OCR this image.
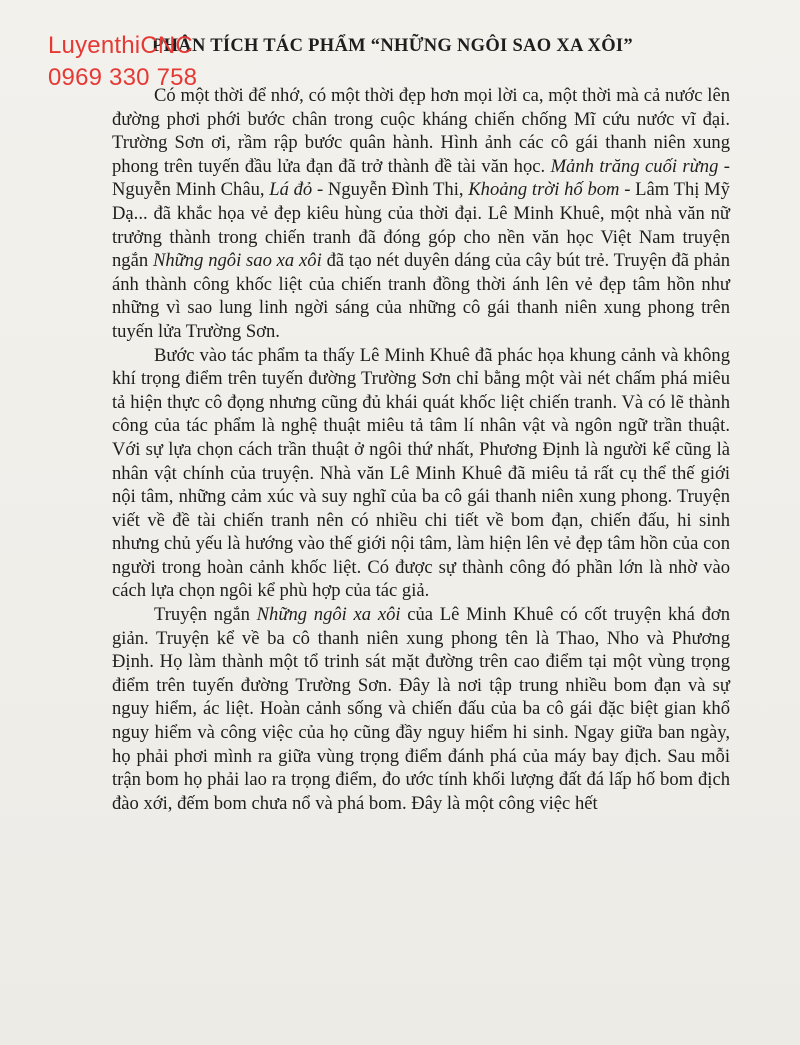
LuyenthiCNC
0969 330 758
PHÂN TÍCH TÁC PHẨM “NHỮNG NGÔI SAO XA XÔI”

Có một thời để nhớ, có một thời đẹp hơn mọi lời ca, một thời mà cả nước lên đường phơi phới bước chân trong cuộc kháng chiến chống Mĩ cứu nước vĩ đại. Trường Sơn ơi, rầm rập bước quân hành. Hình ảnh các cô gái thanh niên xung phong trên tuyến đầu lửa đạn đã trở thành đề tài văn học. Mảnh trăng cuối rừng - Nguyễn Minh Châu, Lá đỏ - Nguyễn Đình Thi, Khoảng trời hố bom - Lâm Thị Mỹ Dạ... đã khắc họa vẻ đẹp kiêu hùng của thời đại. Lê Minh Khuê, một nhà văn nữ trưởng thành trong chiến tranh đã đóng góp cho nền văn học Việt Nam truyện ngắn Những ngôi sao xa xôi đã tạo nét duyên dáng của cây bút trẻ. Truyện đã phản ánh thành công khốc liệt của chiến tranh đồng thời ánh lên vẻ đẹp tâm hồn như những vì sao lung linh ngời sáng của những cô gái thanh niên xung phong trên tuyến lửa Trường Sơn.

Bước vào tác phẩm ta thấy Lê Minh Khuê đã phác họa khung cảnh và không khí trọng điểm trên tuyến đường Trường Sơn chỉ bằng một vài nét chấm phá miêu tả hiện thực cô đọng nhưng cũng đủ khái quát khốc liệt chiến tranh. Và có lẽ thành công của tác phẩm là nghệ thuật miêu tả tâm lí nhân vật và ngôn ngữ trần thuật. Với sự lựa chọn cách trần thuật ở ngôi thứ nhất, Phương Định là người kể cũng là nhân vật chính của truyện. Nhà văn Lê Minh Khuê đã miêu tả rất cụ thể thế giới nội tâm, những cảm xúc và suy nghĩ của ba cô gái thanh niên xung phong. Truyện viết về đề tài chiến tranh nên có nhiều chi tiết về bom đạn, chiến đấu, hi sinh nhưng chủ yếu là hướng vào thế giới nội tâm, làm hiện lên vẻ đẹp tâm hồn của con người trong hoàn cảnh khốc liệt. Có được sự thành công đó phần lớn là nhờ vào cách lựa chọn ngôi kể phù hợp của tác giả.

Truyện ngắn Những ngôi xa xôi của Lê Minh Khuê có cốt truyện khá đơn giản. Truyện kể về ba cô thanh niên xung phong tên là Thao, Nho và Phương Định. Họ làm thành một tổ trinh sát mặt đường trên cao điểm tại một vùng trọng điểm trên tuyến đường Trường Sơn. Đây là nơi tập trung nhiều bom đạn và sự nguy hiểm, ác liệt. Hoàn cảnh sống và chiến đấu của ba cô gái đặc biệt gian khổ nguy hiểm và công việc của họ cũng đầy nguy hiểm hi sinh. Ngay giữa ban ngày, họ phải phơi mình ra giữa vùng trọng điểm đánh phá của máy bay địch. Sau mỗi trận bom họ phải lao ra trọng điểm, đo ước tính khối lượng đất đá lấp hố bom địch đào xới, đếm bom chưa nổ và phá bom. Đây là một công việc hết
